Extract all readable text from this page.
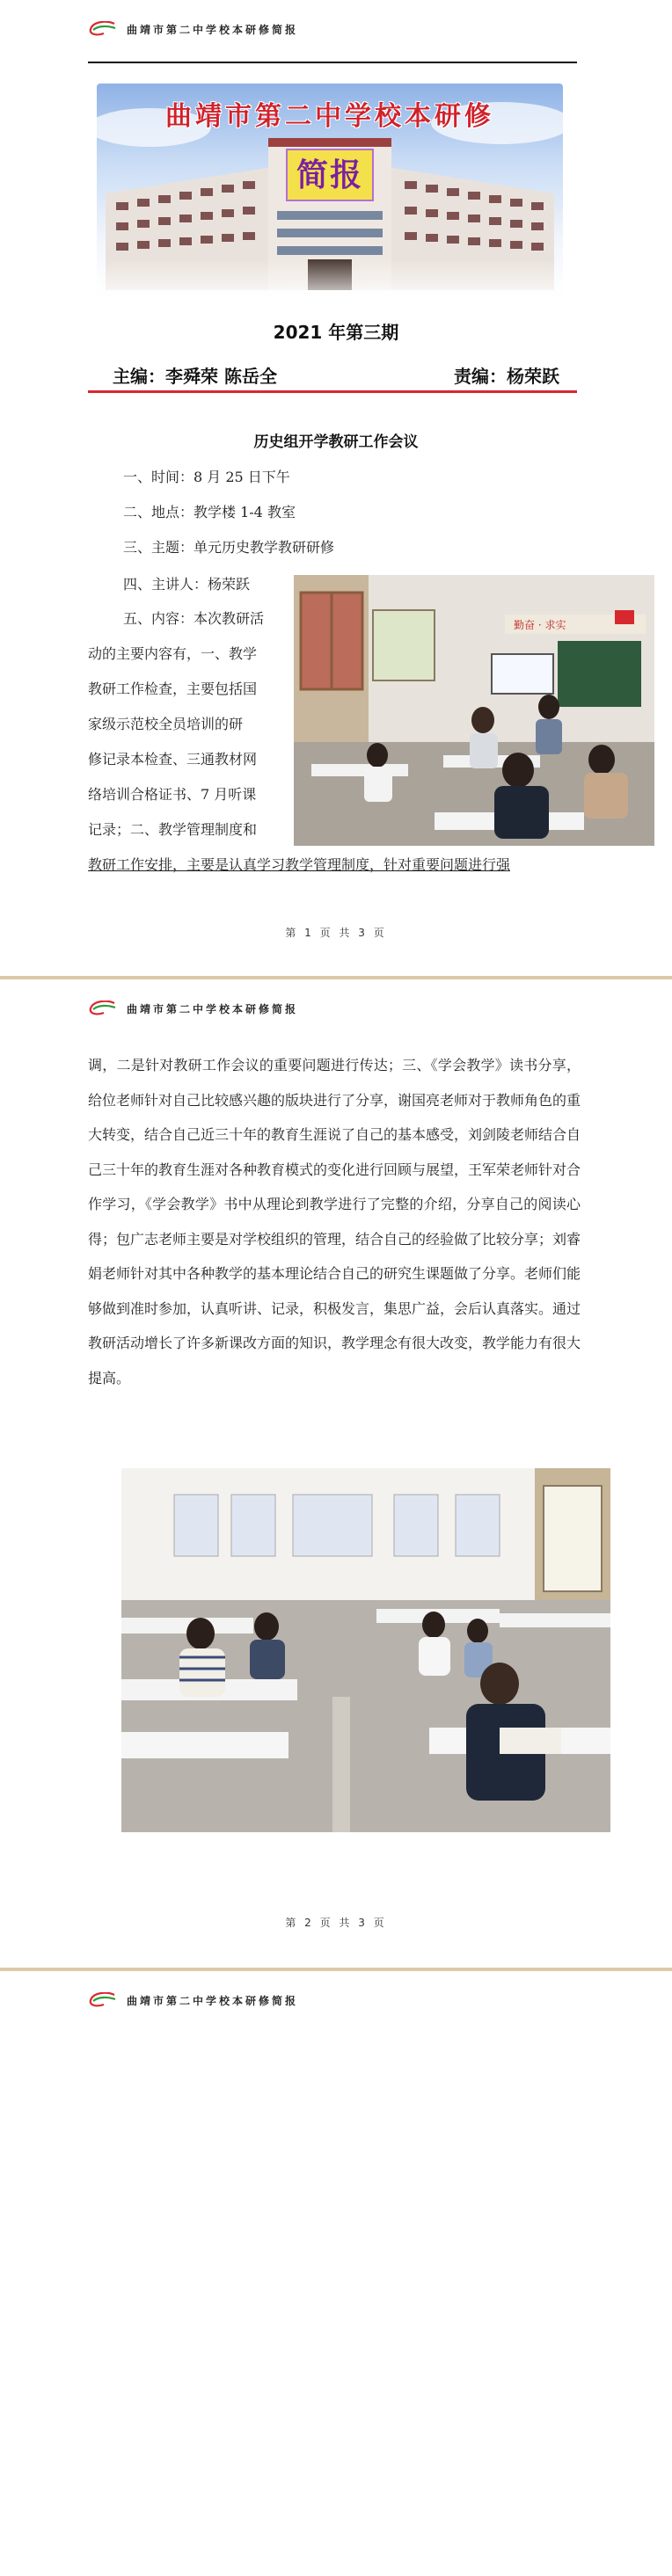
曲靖市第二中学校本研修简报
曲靖市第二中学校本研修
简报
2021 年第三期
主编：李舜荣 陈岳全	责编：杨荣跃
历史组开学教研工作会议
一、时间：8 月 25 日下午
二、地点：教学楼 1-4 教室
三、主题：单元历史教学教研研修
四、主讲人：杨荣跃
五、内容：本次教研活
动的主要内容有，一、教学
教研工作检查，主要包括国
家级示范校全员培训的研
修记录本检查、三通教材网
络培训合格证书、7 月听课
记录；二、教学管理制度和
教研工作安排，主要是认真学习教学管理制度，针对重要问题进行强
勤奋 · 求实
第 1 页 共 3 页
曲靖市第二中学校本研修简报
调，二是针对教研工作会议的重要问题进行传达；三、《学会教学》读书分享，给位老师针对自己比较感兴趣的版块进行了分享，谢国亮老师对于教师角色的重大转变，结合自己近三十年的教育生涯说了自己的基本感受，刘剑陵老师结合自己三十年的教育生涯对各种教育模式的变化进行回顾与展望，王军荣老师针对合作学习，《学会教学》书中从理论到教学进行了完整的介绍，分享自己的阅读心得；包广志老师主要是对学校组织的管理，结合自己的经验做了比较分享；刘睿娟老师针对其中各种教学的基本理论结合自己的研究生课题做了分享。老师们能够做到准时参加，认真听讲、记录，积极发言，集思广益，会后认真落实。通过教研活动增长了许多新课改方面的知识，教学理念有很大改变，教学能力有很大提高。
第 2 页 共 3 页
曲靖市第二中学校本研修简报
